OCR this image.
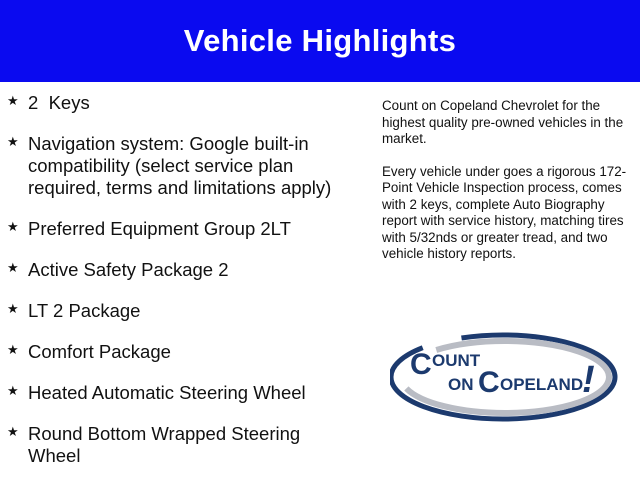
Vehicle Highlights
★ 2  Keys
★ Navigation system: Google built-in compatibility (select service plan required, terms and limitations apply)
★ Preferred Equipment Group 2LT
★ Active Safety Package 2
★ LT 2 Package
★ Comfort Package
★ Heated Automatic Steering Wheel
★ Round Bottom Wrapped Steering Wheel

Count on Copeland Chevrolet for the highest quality pre-owned vehicles in the market.

Every vehicle under goes a rigorous 172-Point Vehicle Inspection process, comes with 2 keys, complete Auto Biography report with service history, matching tires with 5/32nds or greater tread, and two vehicle history reports.

C OUNT
ON C OPELAND
!
